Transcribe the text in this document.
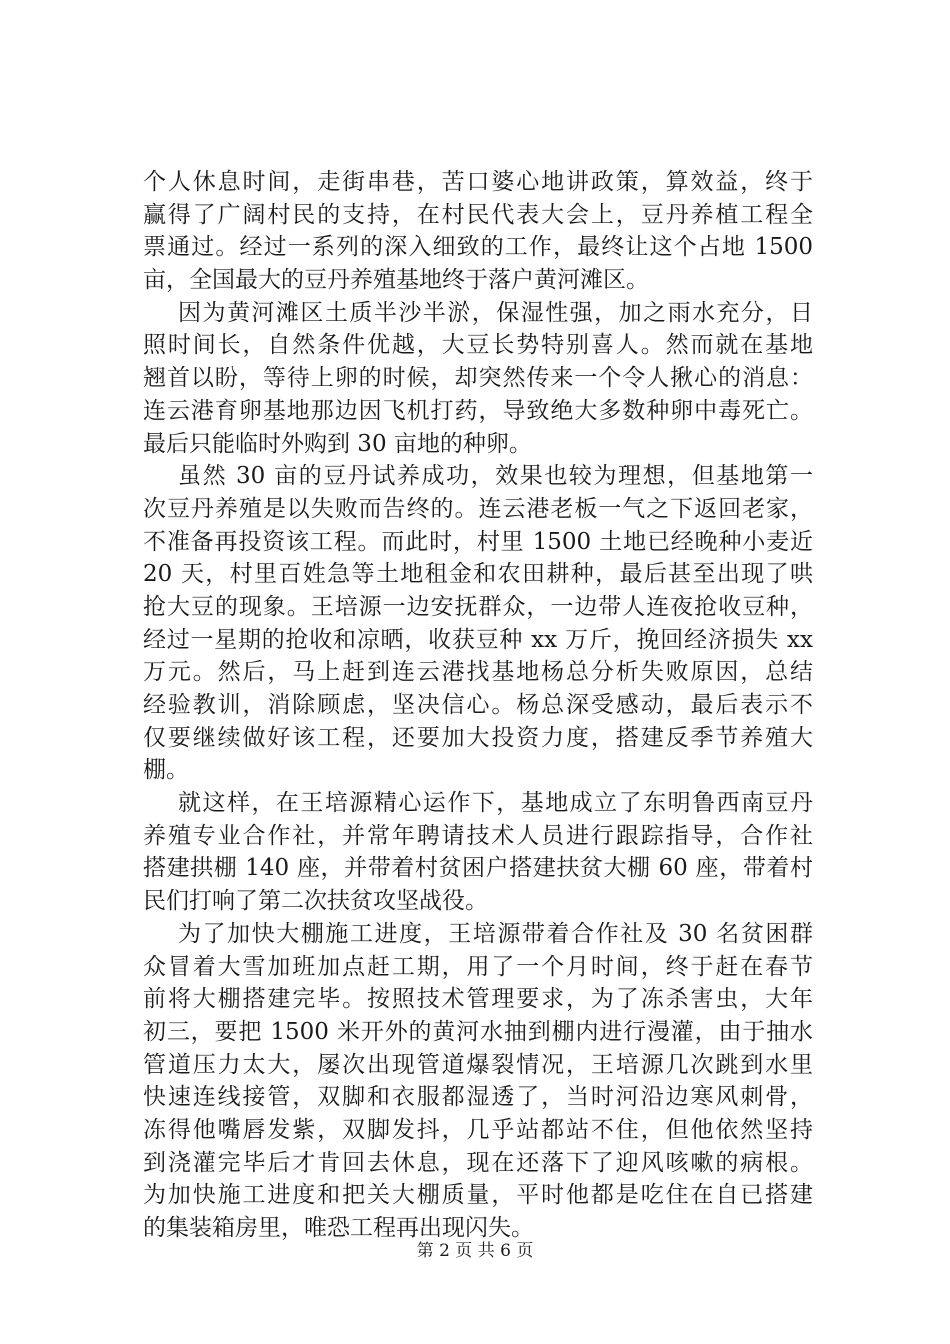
个人休息时间，走街串巷，苦口婆心地讲政策，算效益，终于
赢得了广阔村民的支持，在村民代表大会上，豆丹养植工程全
票通过。经过一系列的深入细致的工作，最终让这个占地 1500
亩，全国最大的豆丹养殖基地终于落户黄河滩区。
因为黄河滩区土质半沙半淤，保湿性强，加之雨水充分，日
照时间长，自然条件优越，大豆长势特别喜人。然而就在基地
翘首以盼，等待上卵的时候，却突然传来一个令人揪心的消息：
连云港育卵基地那边因飞机打药，导致绝大多数种卵中毒死亡。
最后只能临时外购到 30 亩地的种卵。
虽然 30 亩的豆丹试养成功，效果也较为理想，但基地第一
次豆丹养殖是以失败而告终的。连云港老板一气之下返回老家，
不准备再投资该工程。而此时，村里 1500 土地已经晚种小麦近
20 天，村里百姓急等土地租金和农田耕种，最后甚至出现了哄
抢大豆的现象。王培源一边安抚群众，一边带人连夜抢收豆种，
经过一星期的抢收和凉晒，收获豆种 xx 万斤，挽回经济损失 xx
万元。然后，马上赶到连云港找基地杨总分析失败原因，总结
经验教训，消除顾虑，坚决信心。杨总深受感动，最后表示不
仅要继续做好该工程，还要加大投资力度，搭建反季节养殖大
棚。
就这样，在王培源精心运作下，基地成立了东明鲁西南豆丹
养殖专业合作社，并常年聘请技术人员进行跟踪指导，合作社
搭建拱棚 140 座，并带着村贫困户搭建扶贫大棚 60 座，带着村
民们打响了第二次扶贫攻坚战役。
为了加快大棚施工进度，王培源带着合作社及 30 名贫困群
众冒着大雪加班加点赶工期，用了一个月时间，终于赶在春节
前将大棚搭建完毕。按照技术管理要求，为了冻杀害虫，大年
初三，要把 1500 米开外的黄河水抽到棚内进行漫灌，由于抽水
管道压力太大，屡次出现管道爆裂情况，王培源几次跳到水里
快速连线接管，双脚和衣服都湿透了，当时河沿边寒风刺骨，
冻得他嘴唇发紫，双脚发抖，几乎站都站不住，但他依然坚持
到浇灌完毕后才肯回去休息，现在还落下了迎风咳嗽的病根。
为加快施工进度和把关大棚质量，平时他都是吃住在自已搭建
的集装箱房里，唯恐工程再出现闪失。
第 2 页 共 6 页
